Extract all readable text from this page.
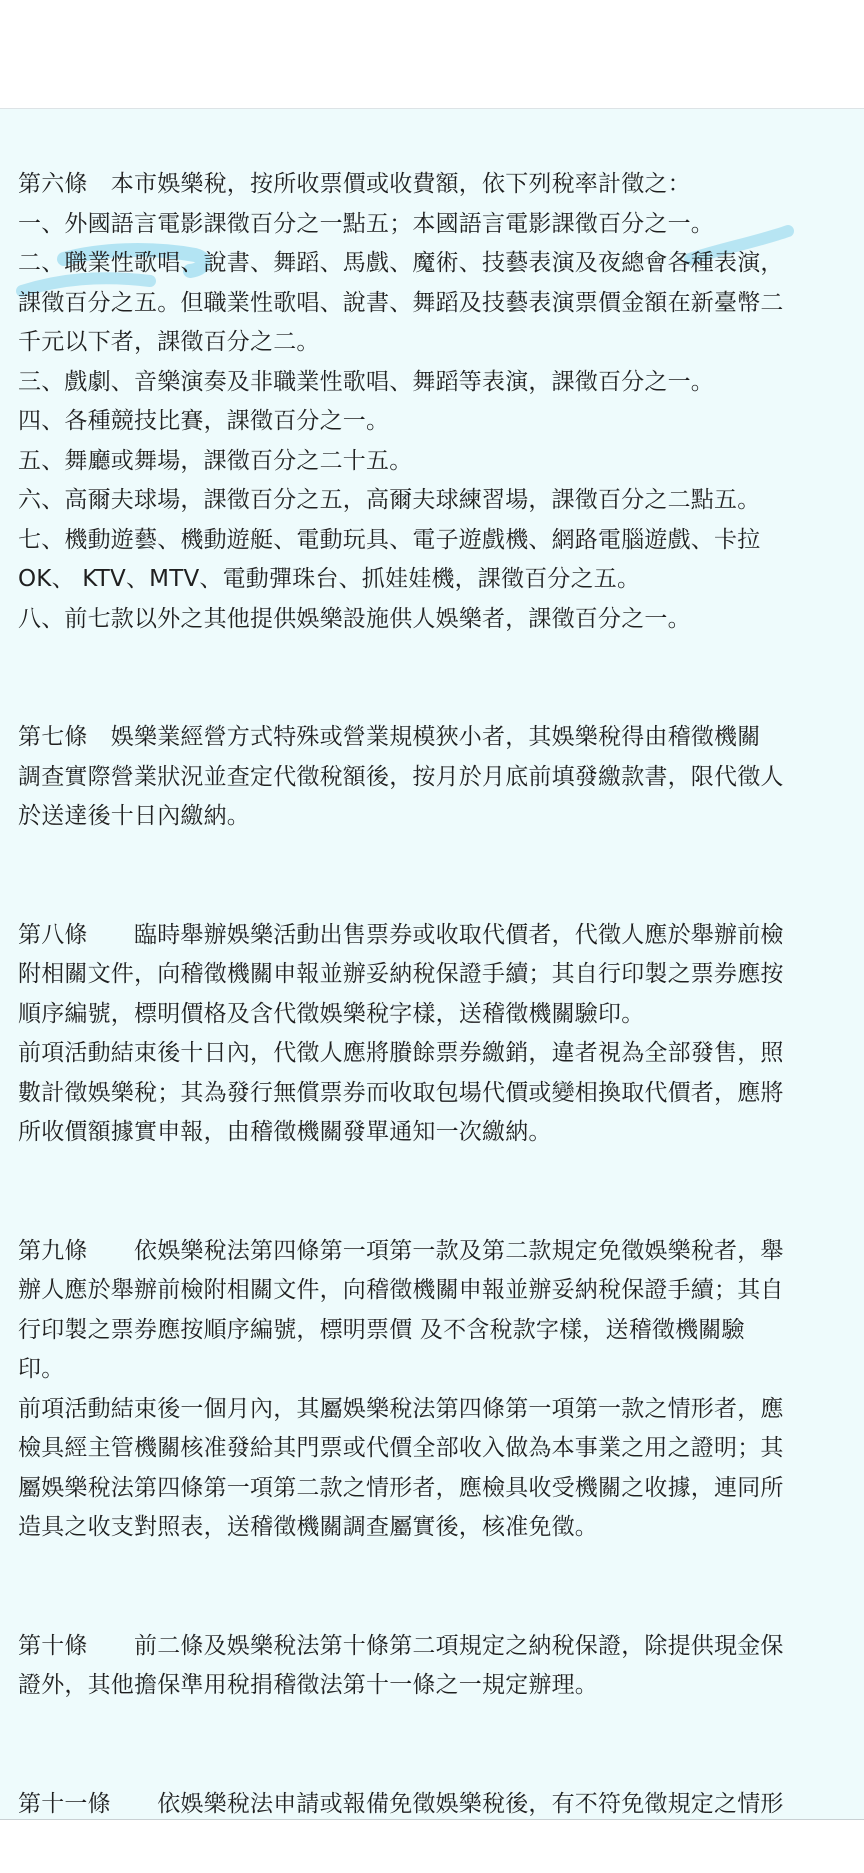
第六條　本市娛樂稅，按所收票價或收費額，依下列稅率計徵之：

一、外國語言電影課徵百分之一點五；本國語言電影課徵百分之一。

二、職業性歌唱、說書、舞蹈、馬戲、魔術、技藝表演及夜總會各種表演，

課徵百分之五。但職業性歌唱、說書、舞蹈及技藝表演票價金額在新臺幣二

千元以下者，課徵百分之二。

三、戲劇、音樂演奏及非職業性歌唱、舞蹈等表演，課徵百分之一。

四、各種競技比賽，課徵百分之一。

五、舞廳或舞場，課徵百分之二十五。

六、高爾夫球場，課徵百分之五，高爾夫球練習場，課徵百分之二點五。

七、機動遊藝、機動遊艇、電動玩具、電子遊戲機、網路電腦遊戲、卡拉

OK、 KTV、MTV、電動彈珠台、抓娃娃機，課徵百分之五。

八、前七款以外之其他提供娛樂設施供人娛樂者，課徵百分之一。

第七條　娛樂業經營方式特殊或營業規模狹小者，其娛樂稅得由稽徵機關

調查實際營業狀況並查定代徵稅額後，按月於月底前填發繳款書，限代徵人

於送達後十日內繳納。

第八條　　臨時舉辦娛樂活動出售票券或收取代價者，代徵人應於舉辦前檢

附相關文件，向稽徵機關申報並辦妥納稅保證手續；其自行印製之票券應按

順序編號，標明價格及含代徵娛樂稅字樣，送稽徵機關驗印。

前項活動結束後十日內，代徵人應將賸餘票券繳銷，違者視為全部發售，照

數計徵娛樂稅；其為發行無償票券而收取包場代價或變相換取代價者，應將

所收價額據實申報，由稽徵機關發單通知一次繳納。

第九條　　依娛樂稅法第四條第一項第一款及第二款規定免徵娛樂稅者，舉

辦人應於舉辦前檢附相關文件，向稽徵機關申報並辦妥納稅保證手續；其自

行印製之票券應按順序編號，標明票價 及不含稅款字樣，送稽徵機關驗

印。

前項活動結束後一個月內，其屬娛樂稅法第四條第一項第一款之情形者，應

檢具經主管機關核准發給其門票或代價全部收入做為本事業之用之證明；其

屬娛樂稅法第四條第一項第二款之情形者，應檢具收受機關之收據，連同所

造具之收支對照表，送稽徵機關調查屬實後，核准免徵。

第十條　　前二條及娛樂稅法第十條第二項規定之納稅保證，除提供現金保

證外，其他擔保準用稅捐稽徵法第十一條之一規定辦理。

第十一條　　依娛樂稅法申請或報備免徵娛樂稅後，有不符免徵規定之情形
